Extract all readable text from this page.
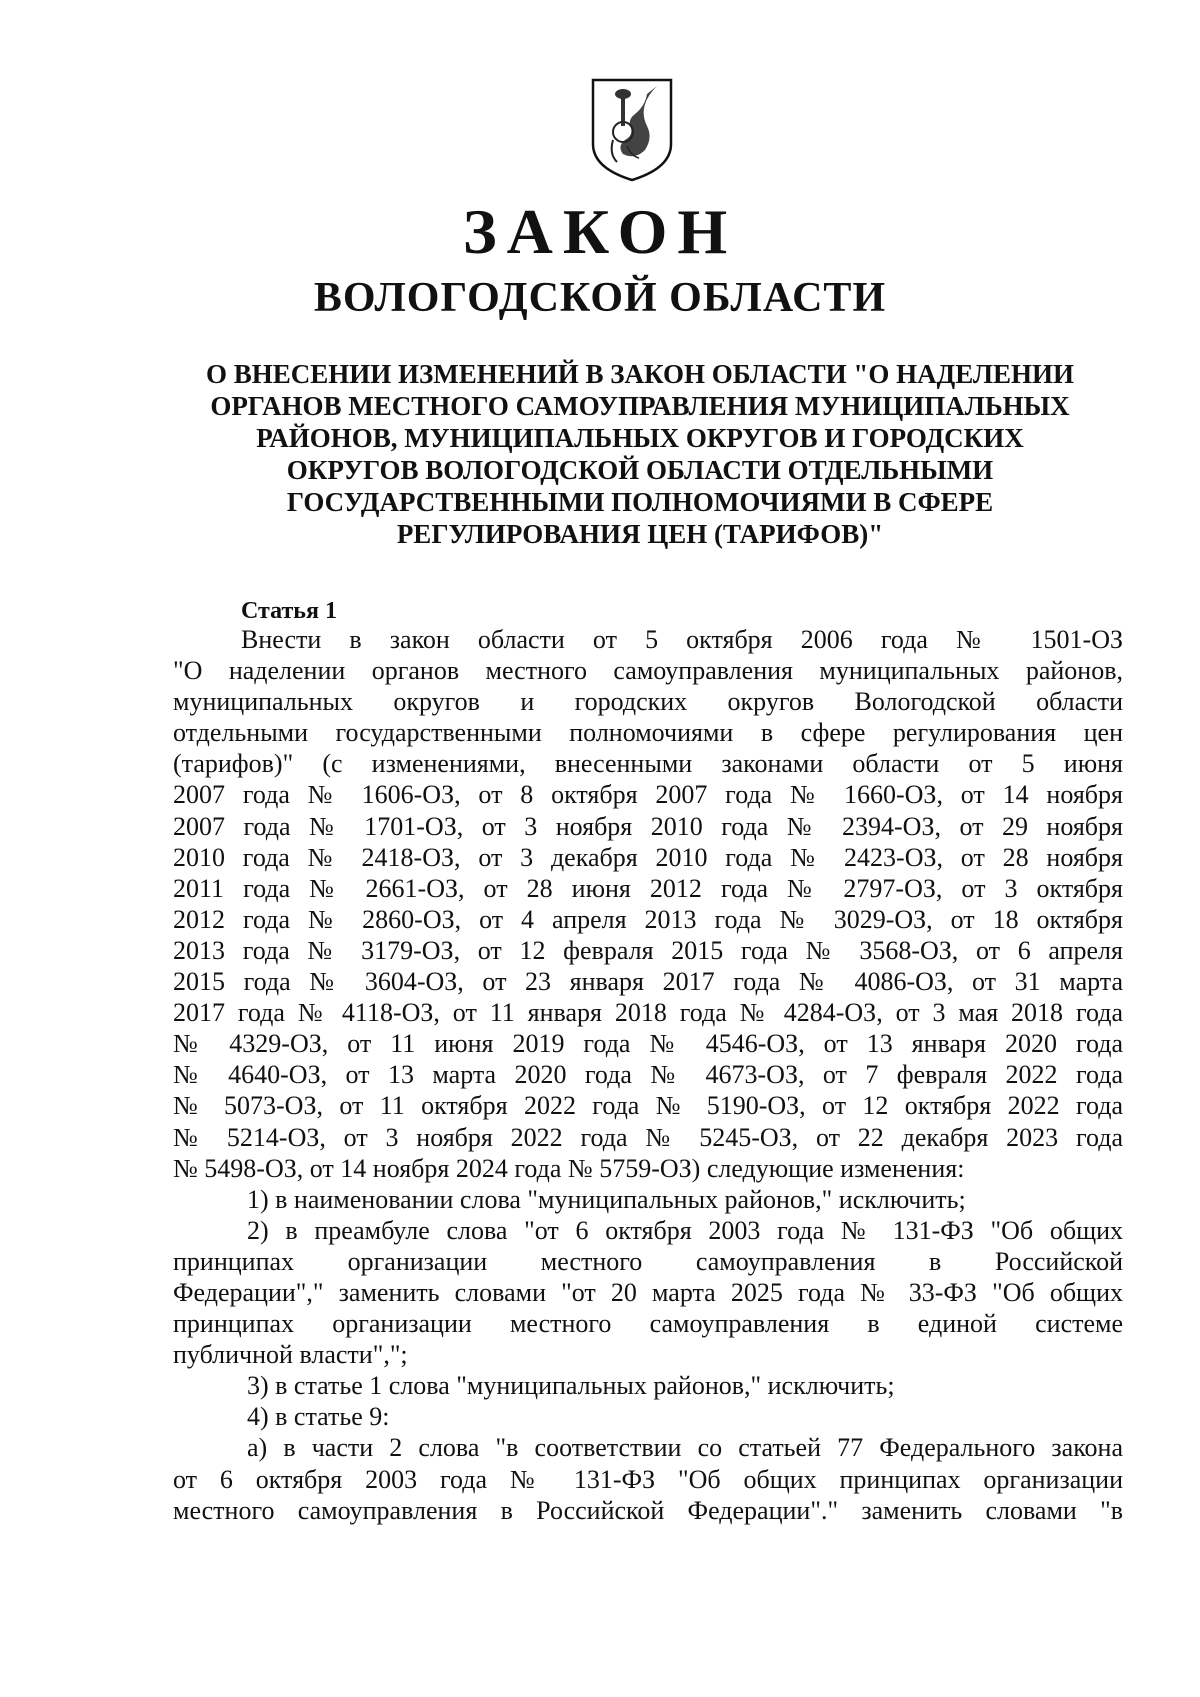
ЗАКОН
ВОЛОГОДСКОЙ ОБЛАСТИ
О ВНЕСЕНИИ ИЗМЕНЕНИЙ В ЗАКОН ОБЛАСТИ "О НАДЕЛЕНИИ
ОРГАНОВ МЕСТНОГО САМОУПРАВЛЕНИЯ МУНИЦИПАЛЬНЫХ
РАЙОНОВ, МУНИЦИПАЛЬНЫХ ОКРУГОВ И ГОРОДСКИХ
ОКРУГОВ ВОЛОГОДСКОЙ ОБЛАСТИ ОТДЕЛЬНЫМИ
ГОСУДАРСТВЕННЫМИ ПОЛНОМОЧИЯМИ В СФЕРЕ
РЕГУЛИРОВАНИЯ ЦЕН (ТАРИФОВ)"
Статья 1
Внести в закон области от 5 октября 2006 года № 1501-ОЗ
"О наделении органов местного самоуправления муниципальных районов,
муниципальных округов и городских округов Вологодской области
отдельными государственными полномочиями в сфере регулирования цен
(тарифов)" (с изменениями, внесенными законами области от 5 июня
2007 года № 1606-ОЗ, от 8 октября 2007 года № 1660-ОЗ, от 14 ноября
2007 года № 1701-ОЗ, от 3 ноября 2010 года № 2394-ОЗ, от 29 ноября
2010 года № 2418-ОЗ, от 3 декабря 2010 года № 2423-ОЗ, от 28 ноября
2011 года № 2661-ОЗ, от 28 июня 2012 года № 2797-ОЗ, от 3 октября
2012 года № 2860-ОЗ, от 4 апреля 2013 года № 3029-ОЗ, от 18 октября
2013 года № 3179-ОЗ, от 12 февраля 2015 года № 3568-ОЗ, от 6 апреля
2015 года № 3604-ОЗ, от 23 января 2017 года № 4086-ОЗ, от 31 марта
2017 года № 4118-ОЗ, от 11 января 2018 года № 4284-ОЗ, от 3 мая 2018 года
№ 4329-ОЗ, от 11 июня 2019 года № 4546-ОЗ, от 13 января 2020 года
№ 4640-ОЗ, от 13 марта 2020 года № 4673-ОЗ, от 7 февраля 2022 года
№ 5073-ОЗ, от 11 октября 2022 года № 5190-ОЗ, от 12 октября 2022 года
№ 5214-ОЗ, от 3 ноября 2022 года № 5245-ОЗ, от 22 декабря 2023 года
№ 5498-ОЗ, от 14 ноября 2024 года № 5759-ОЗ) следующие изменения:
1) в наименовании слова "муниципальных районов," исключить;
2) в преамбуле слова "от 6 октября 2003 года № 131-ФЗ "Об общих
принципах организации местного самоуправления в Российской
Федерации"," заменить словами "от 20 марта 2025 года № 33-ФЗ "Об общих
принципах организации местного самоуправления в единой системе
публичной власти",";
3) в статье 1 слова "муниципальных районов," исключить;
4) в статье 9:
а) в части 2 слова "в соответствии со статьей 77 Федерального закона
от 6 октября 2003 года № 131-ФЗ "Об общих принципах организации
местного самоуправления в Российской Федерации"." заменить словами "в
